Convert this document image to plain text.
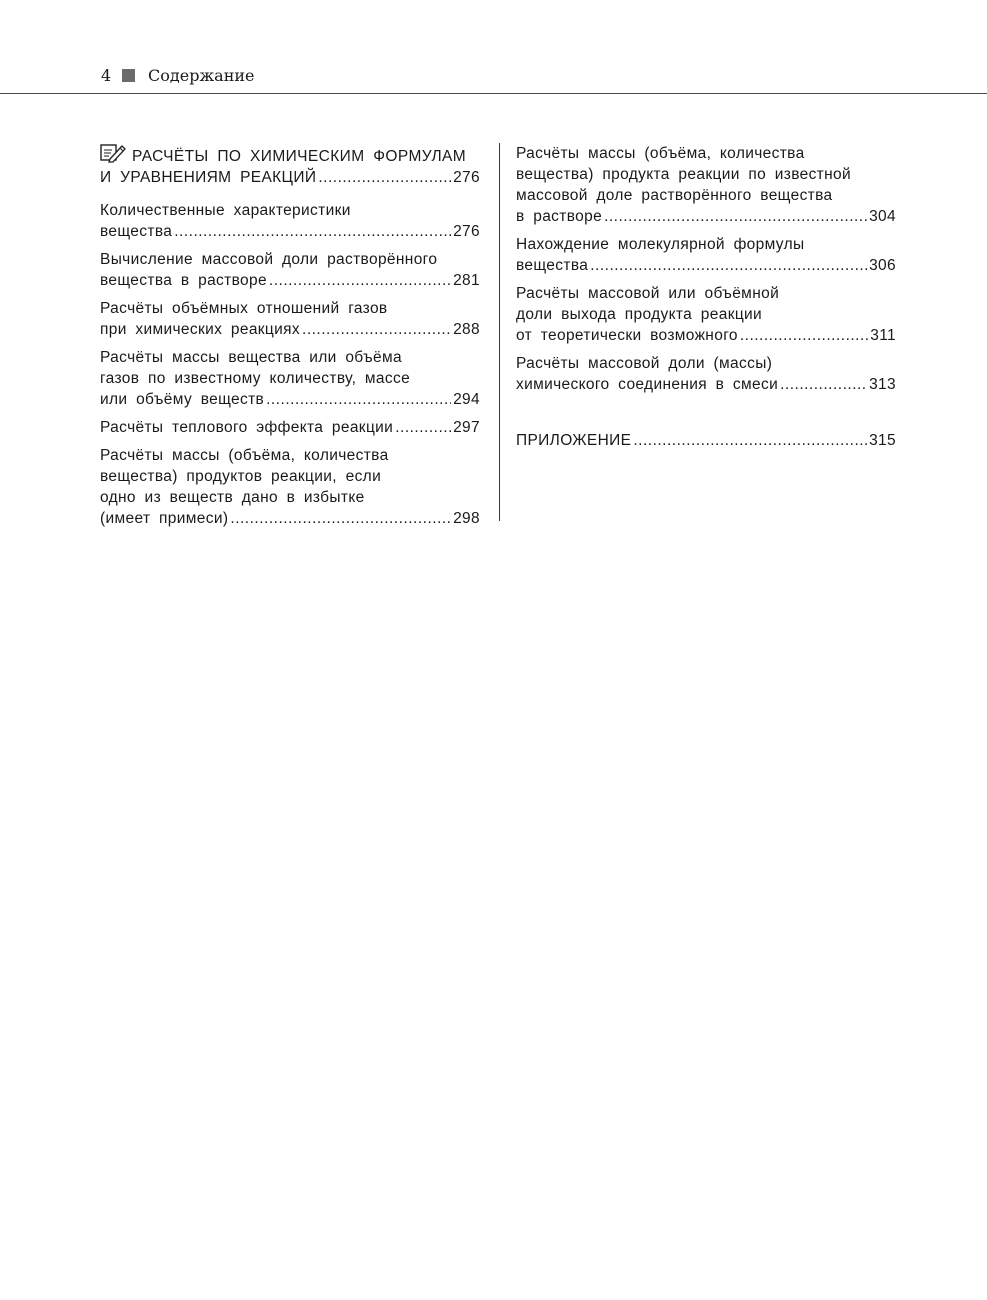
4 Содержание
РАСЧЁТЫ ПО ХИМИЧЕСКИМ ФОРМУЛАМ
И УРАВНЕНИЯМ РЕАКЦИЙ .....	276
Количественные характеристики
вещества .....	276
Вычисление массовой доли растворённого
вещества в растворе .....	281
Расчёты объёмных отношений газов
при химических реакциях .....	288
Расчёты массы вещества или объёма
газов по известному количеству, массе
или объёму веществ .....	294
Расчёты теплового эффекта реакции .....	297
Расчёты массы (объёма, количества
вещества) продуктов реакции, если
одно из веществ дано в избытке
(имеет примеси) .....	298
Расчёты массы (объёма, количества
вещества) продукта реакции по известной
массовой доле растворённого вещества
в растворе .....	304
Нахождение молекулярной формулы
вещества .....	306
Расчёты массовой или объёмной
доли выхода продукта реакции
от теоретически возможного .....	311
Расчёты массовой доли (массы)
химического соединения в смеси .....	313
ПРИЛОЖЕНИЕ .....	315
